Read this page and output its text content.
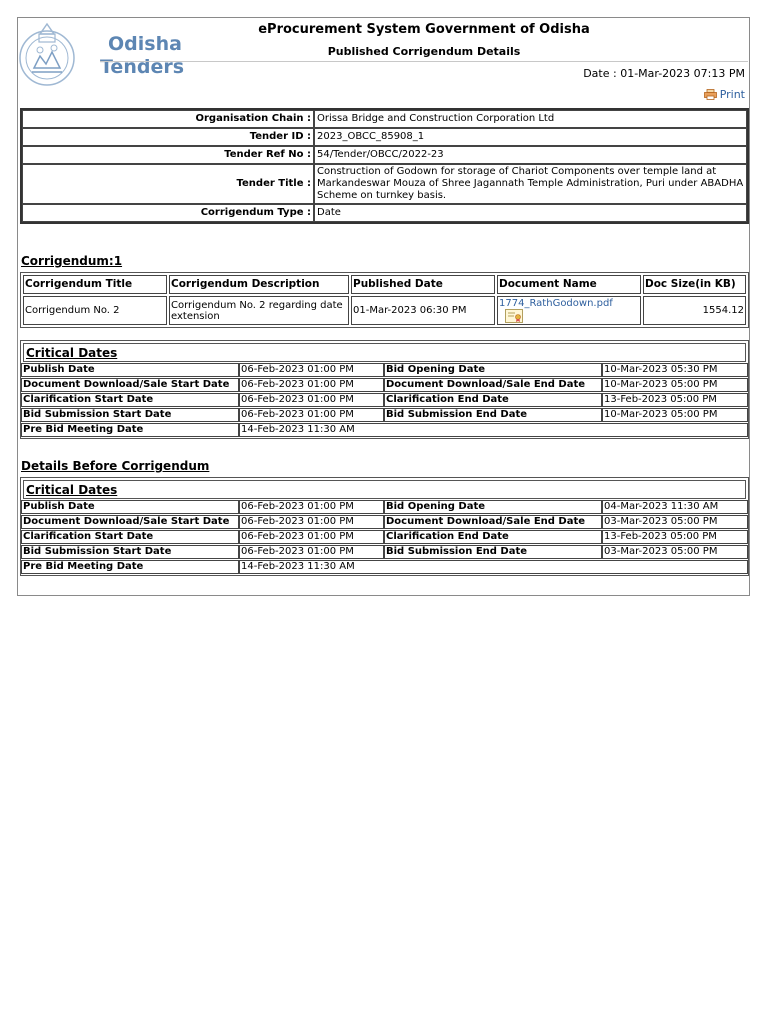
Odisha
Tenders
eProcurement System Government of Odisha
Published Corrigendum Details
Date : 01-Mar-2023 07:13 PM
Print
Organisation Chain :	Orissa Bridge and Construction Corporation Ltd
Tender ID :	2023_OBCC_85908_1
Tender Ref No :	54/Tender/OBCC/2022-23
Tender Title :	Construction of Godown for storage of Chariot Components over temple land at Markandeswar Mouza of Shree Jagannath Temple Administration, Puri under ABADHA Scheme on turnkey basis.
Corrigendum Type :	Date
Corrigendum:1
Corrigendum Title	Corrigendum Description	Published Date	Document Name	Doc Size(in KB)
Corrigendum No. 2	Corrigendum No. 2 regarding date extension	01-Mar-2023 06:30 PM	1774_RathGodown.pdf	1554.12
Critical Dates
Publish Date	06-Feb-2023 01:00 PM	Bid Opening Date	10-Mar-2023 05:30 PM
Document Download/Sale Start Date	06-Feb-2023 01:00 PM	Document Download/Sale End Date	10-Mar-2023 05:00 PM
Clarification Start Date	06-Feb-2023 01:00 PM	Clarification End Date	13-Feb-2023 05:00 PM
Bid Submission Start Date	06-Feb-2023 01:00 PM	Bid Submission End Date	10-Mar-2023 05:00 PM
Pre Bid Meeting Date	14-Feb-2023 11:30 AM		
Details Before Corrigendum
Critical Dates
Publish Date	06-Feb-2023 01:00 PM	Bid Opening Date	04-Mar-2023 11:30 AM
Document Download/Sale Start Date	06-Feb-2023 01:00 PM	Document Download/Sale End Date	03-Mar-2023 05:00 PM
Clarification Start Date	06-Feb-2023 01:00 PM	Clarification End Date	13-Feb-2023 05:00 PM
Bid Submission Start Date	06-Feb-2023 01:00 PM	Bid Submission End Date	03-Mar-2023 05:00 PM
Pre Bid Meeting Date	14-Feb-2023 11:30 AM		
